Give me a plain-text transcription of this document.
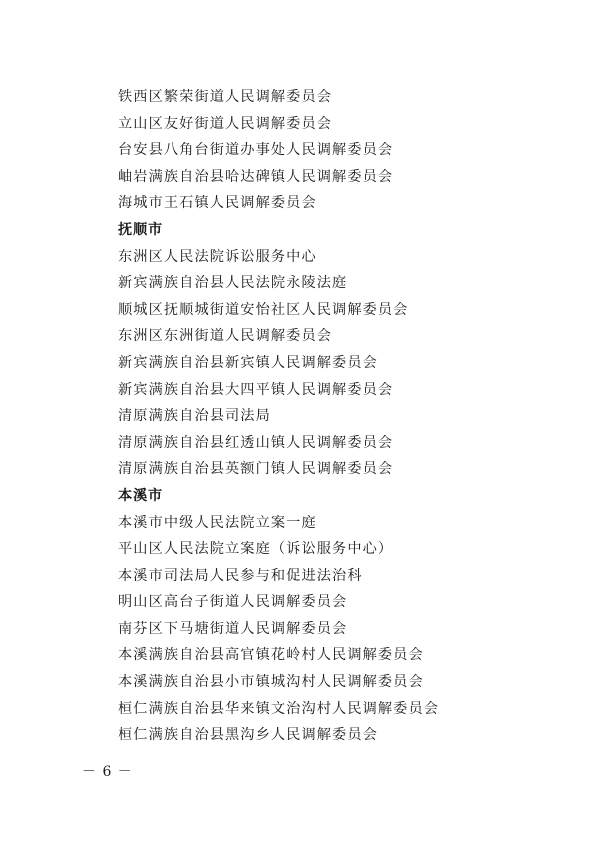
铁西区繁荣街道人民调解委员会
立山区友好街道人民调解委员会
台安县八角台街道办事处人民调解委员会
岫岩满族自治县哈达碑镇人民调解委员会
海城市王石镇人民调解委员会
抚顺市
东洲区人民法院诉讼服务中心
新宾满族自治县人民法院永陵法庭
顺城区抚顺城街道安怡社区人民调解委员会
东洲区东洲街道人民调解委员会
新宾满族自治县新宾镇人民调解委员会
新宾满族自治县大四平镇人民调解委员会
清原满族自治县司法局
清原满族自治县红透山镇人民调解委员会
清原满族自治县英额门镇人民调解委员会
本溪市
本溪市中级人民法院立案一庭
平山区人民法院立案庭（诉讼服务中心）
本溪市司法局人民参与和促进法治科
明山区高台子街道人民调解委员会
南芬区下马塘街道人民调解委员会
本溪满族自治县高官镇花岭村人民调解委员会
本溪满族自治县小市镇城沟村人民调解委员会
桓仁满族自治县华来镇文治沟村人民调解委员会
桓仁满族自治县黑沟乡人民调解委员会
－ 6 －
